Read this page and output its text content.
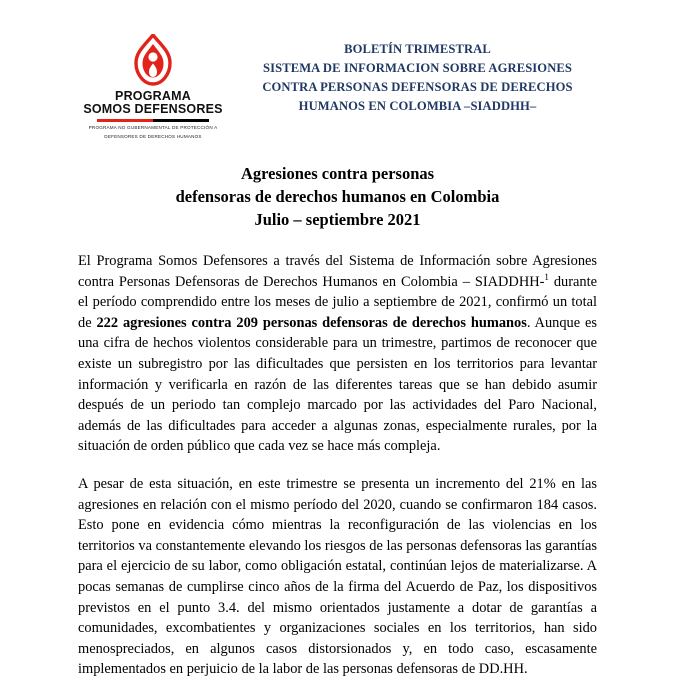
PROGRAMA
SOMOS DEFENSORES
PROGRAMA NO GUBERNAMENTAL DE PROTECCIÓN A
DEFENSORES DE DERECHOS HUMANOS
BOLETÍN TRIMESTRAL
SISTEMA DE INFORMACION SOBRE AGRESIONES
CONTRA PERSONAS DEFENSORAS DE DERECHOS
HUMANOS EN COLOMBIA –SIADDHH–
Agresiones contra personas
defensoras de derechos humanos en Colombia
Julio – septiembre 2021

El Programa Somos Defensores a través del Sistema de Información sobre Agresiones contra Personas Defensoras de Derechos Humanos en Colombia – SIADDHH-$^1$ durante el período comprendido entre los meses de julio a septiembre de 2021, confirmó un total de 222 agresiones contra 209 personas defensoras de derechos humanos. Aunque es una cifra de hechos violentos considerable para un trimestre, partimos de reconocer que existe un subregistro por las dificultades que persisten en los territorios para levantar información y verificarla en razón de las diferentes tareas que se han debido asumir después de un periodo tan complejo marcado por las actividades del Paro Nacional, además de las dificultades para acceder a algunas zonas, especialmente rurales, por la situación de orden público que cada vez se hace más compleja.

A pesar de esta situación, en este trimestre se presenta un incremento del 21% en las agresiones en relación con el mismo período del 2020, cuando se confirmaron 184 casos. Esto pone en evidencia cómo mientras la reconfiguración de las violencias en los territorios va constantemente elevando los riesgos de las personas defensoras las garantías para el ejercicio de su labor, como obligación estatal, continúan lejos de materializarse. A pocas semanas de cumplirse cinco años de la firma del Acuerdo de Paz, los dispositivos previstos en el punto 3.4. del mismo orientados justamente a dotar de garantías a comunidades, excombatientes y organizaciones sociales en los territorios, han sido menospreciados, en algunos casos distorsionados y, en todo caso, escasamente implementados en perjuicio de la labor de las personas defensoras de DD.HH.
